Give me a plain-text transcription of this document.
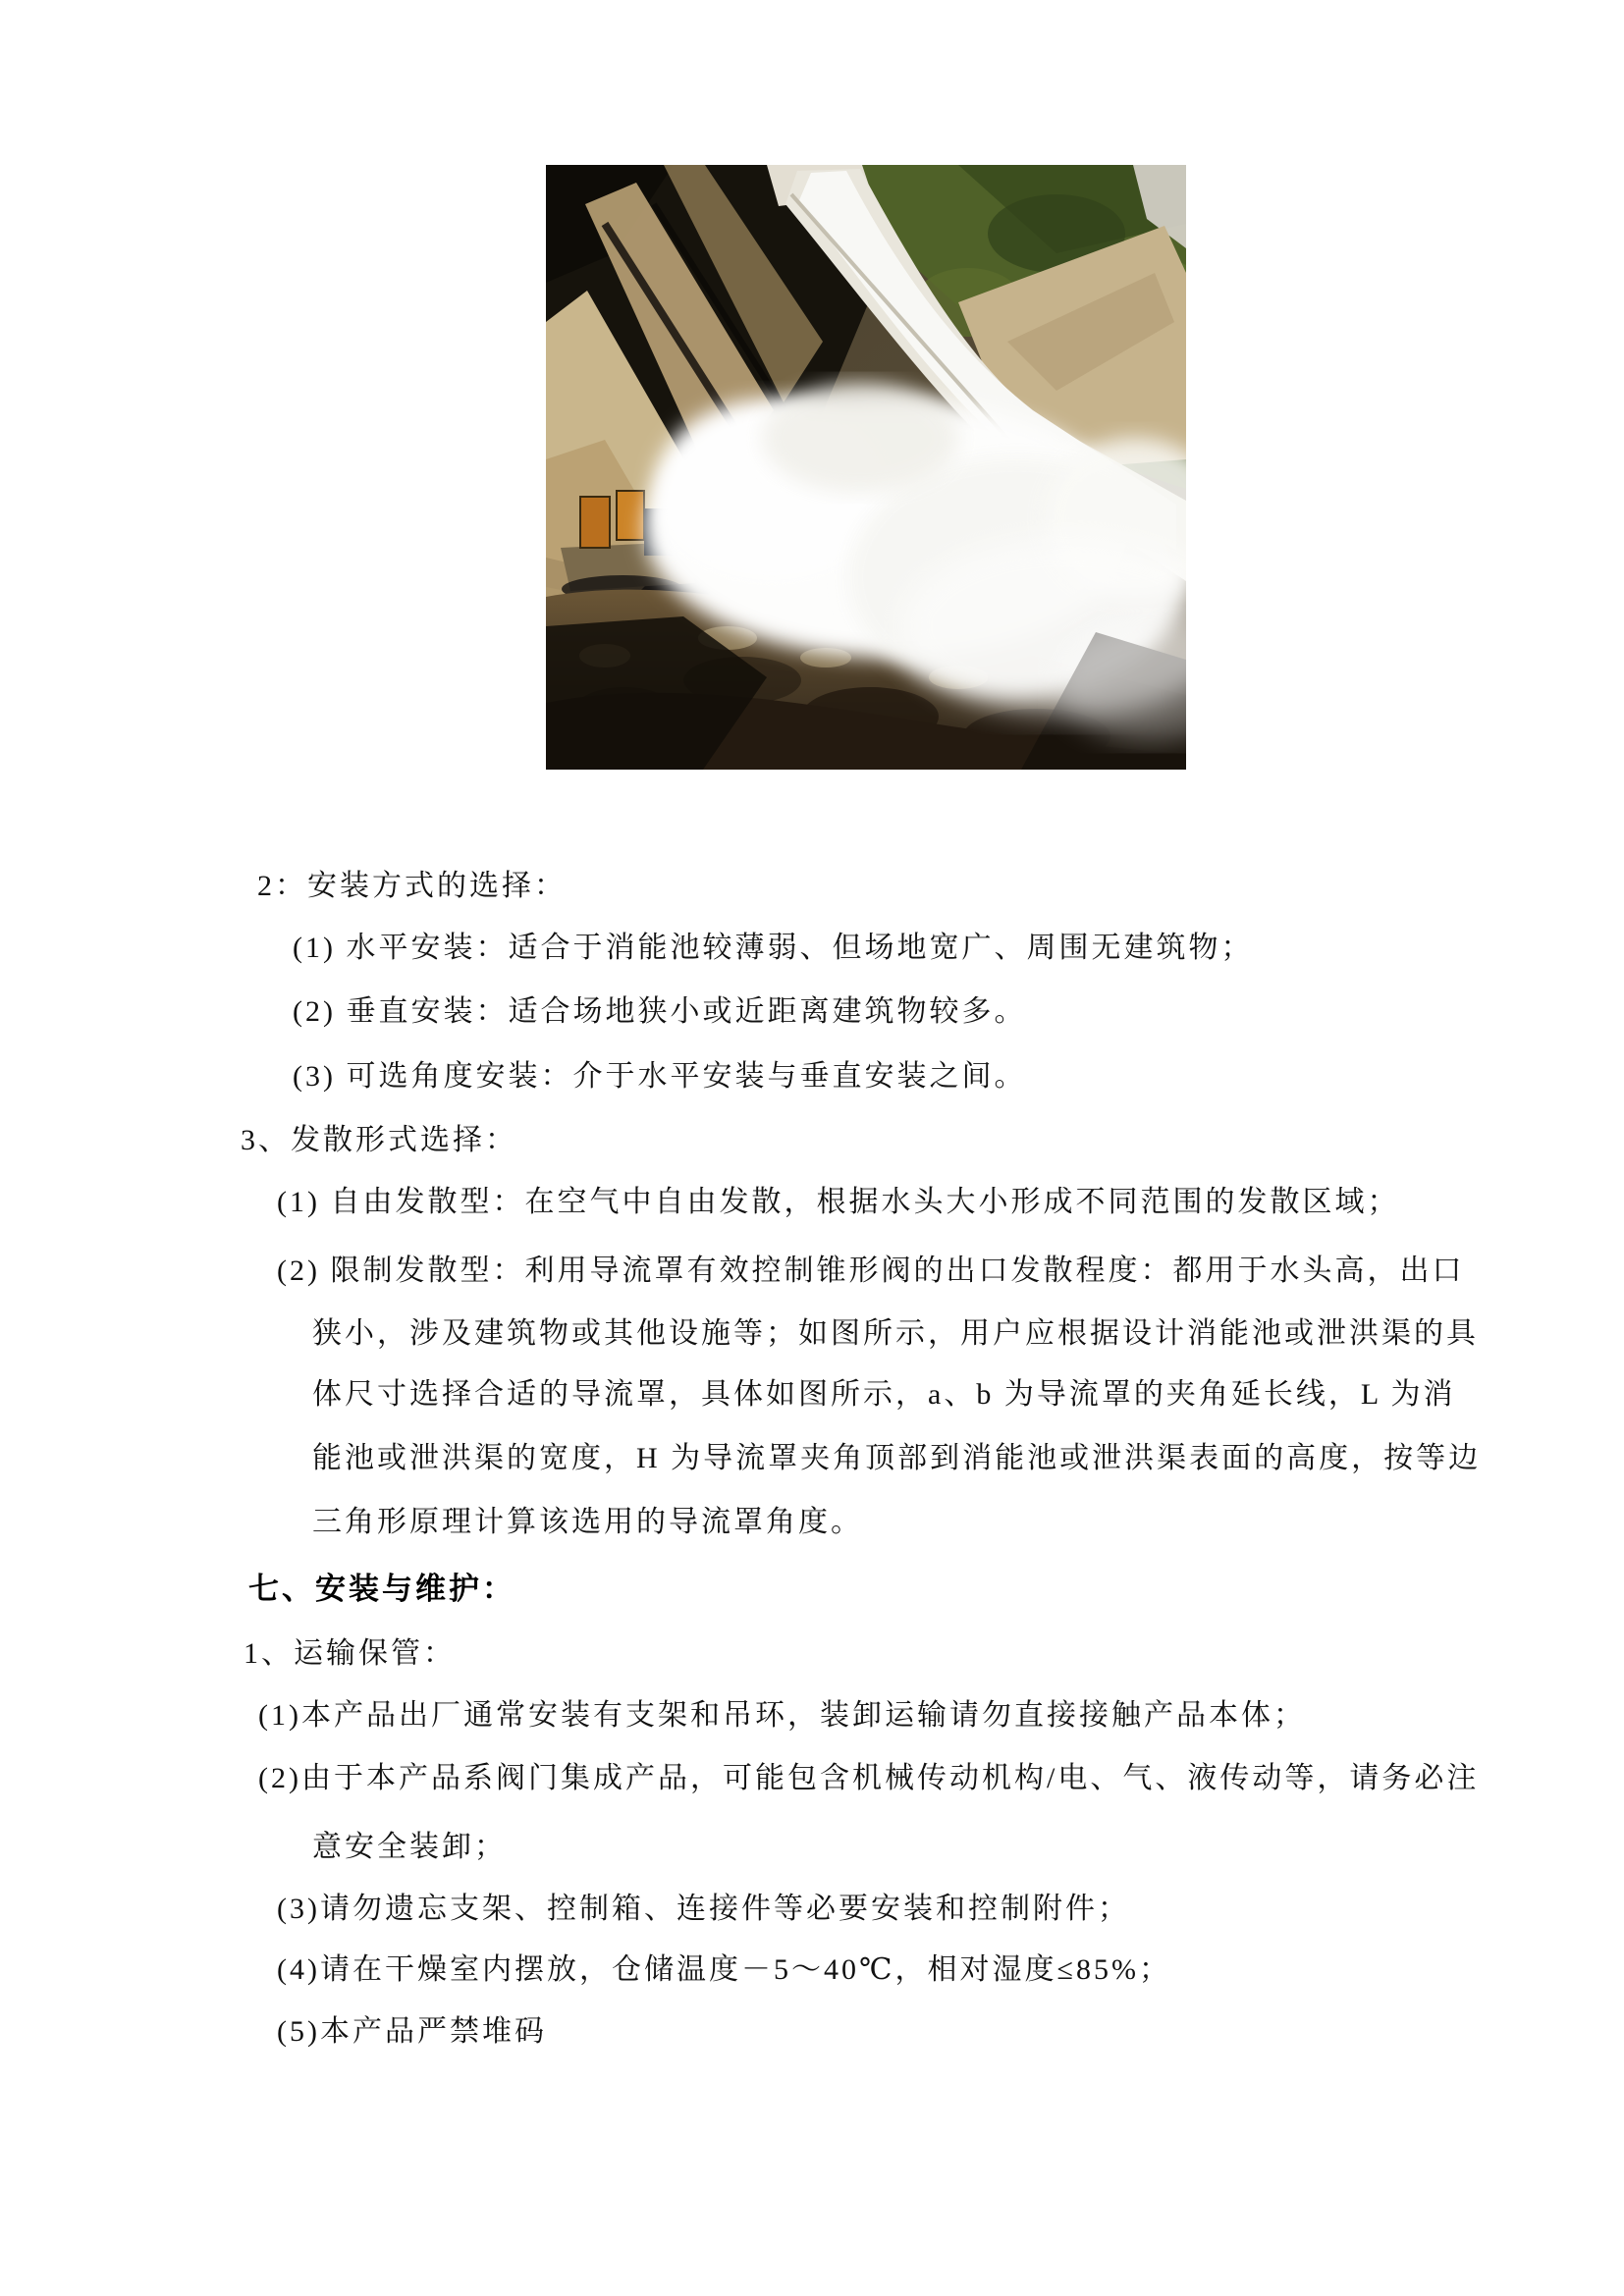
2：安装方式的选择：
(1) 水平安装：适合于消能池较薄弱、但场地宽广、周围无建筑物；
(2) 垂直安装：适合场地狭小或近距离建筑物较多。
(3) 可选角度安装：介于水平安装与垂直安装之间。
3、发散形式选择：
(1) 自由发散型：在空气中自由发散，根据水头大小形成不同范围的发散区域；
(2) 限制发散型：利用导流罩有效控制锥形阀的出口发散程度：都用于水头高，出口
狭小，涉及建筑物或其他设施等；如图所示，用户应根据设计消能池或泄洪渠的具
体尺寸选择合适的导流罩，具体如图所示，a、b 为导流罩的夹角延长线，L 为消
能池或泄洪渠的宽度，H 为导流罩夹角顶部到消能池或泄洪渠表面的高度，按等边
三角形原理计算该选用的导流罩角度。
七、安装与维护：
1、运输保管：
(1)本产品出厂通常安装有支架和吊环，装卸运输请勿直接接触产品本体；
(2)由于本产品系阀门集成产品，可能包含机械传动机构/电、气、液传动等，请务必注
意安全装卸；
(3)请勿遗忘支架、控制箱、连接件等必要安装和控制附件；
(4)请在干燥室内摆放，仓储温度－5～40℃，相对湿度≤85%；
(5)本产品严禁堆码
